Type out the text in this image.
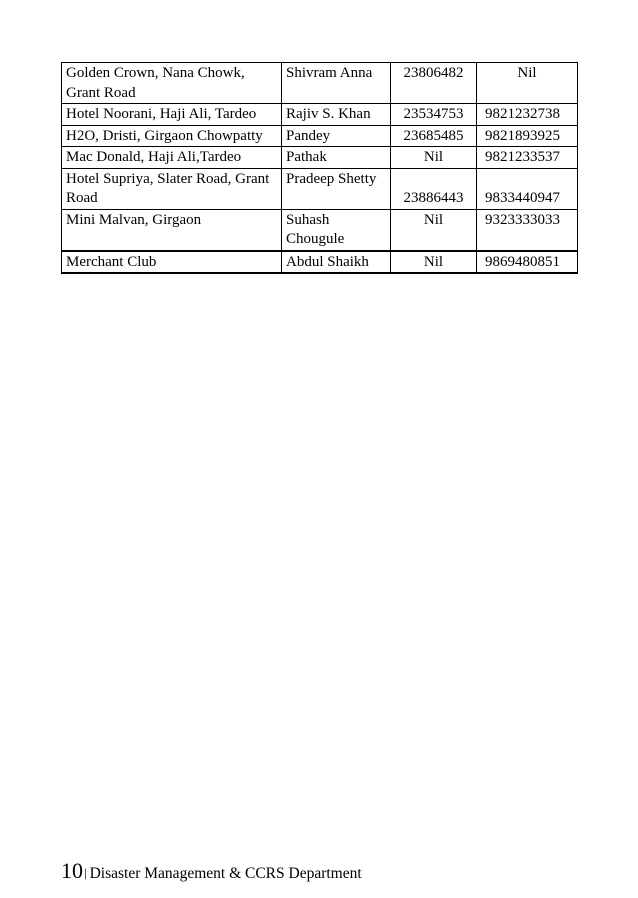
Golden Crown, Nana Chowk, Grant Road	Shivram Anna	23806482	Nil
Hotel Noorani, Haji Ali, Tardeo	Rajiv S. Khan	23534753	9821232738
H2O, Dristi, Girgaon Chowpatty	Pandey	23685485	9821893925
Mac Donald, Haji Ali,Tardeo	Pathak	Nil	9821233537
Hotel Supriya, Slater Road, Grant Road	Pradeep Shetty	23886443	9833440947
Mini Malvan, Girgaon	Suhash Chougule	Nil	9323333033
Merchant Club	Abdul Shaikh	Nil	9869480851
10| Disaster Management & CCRS Department
